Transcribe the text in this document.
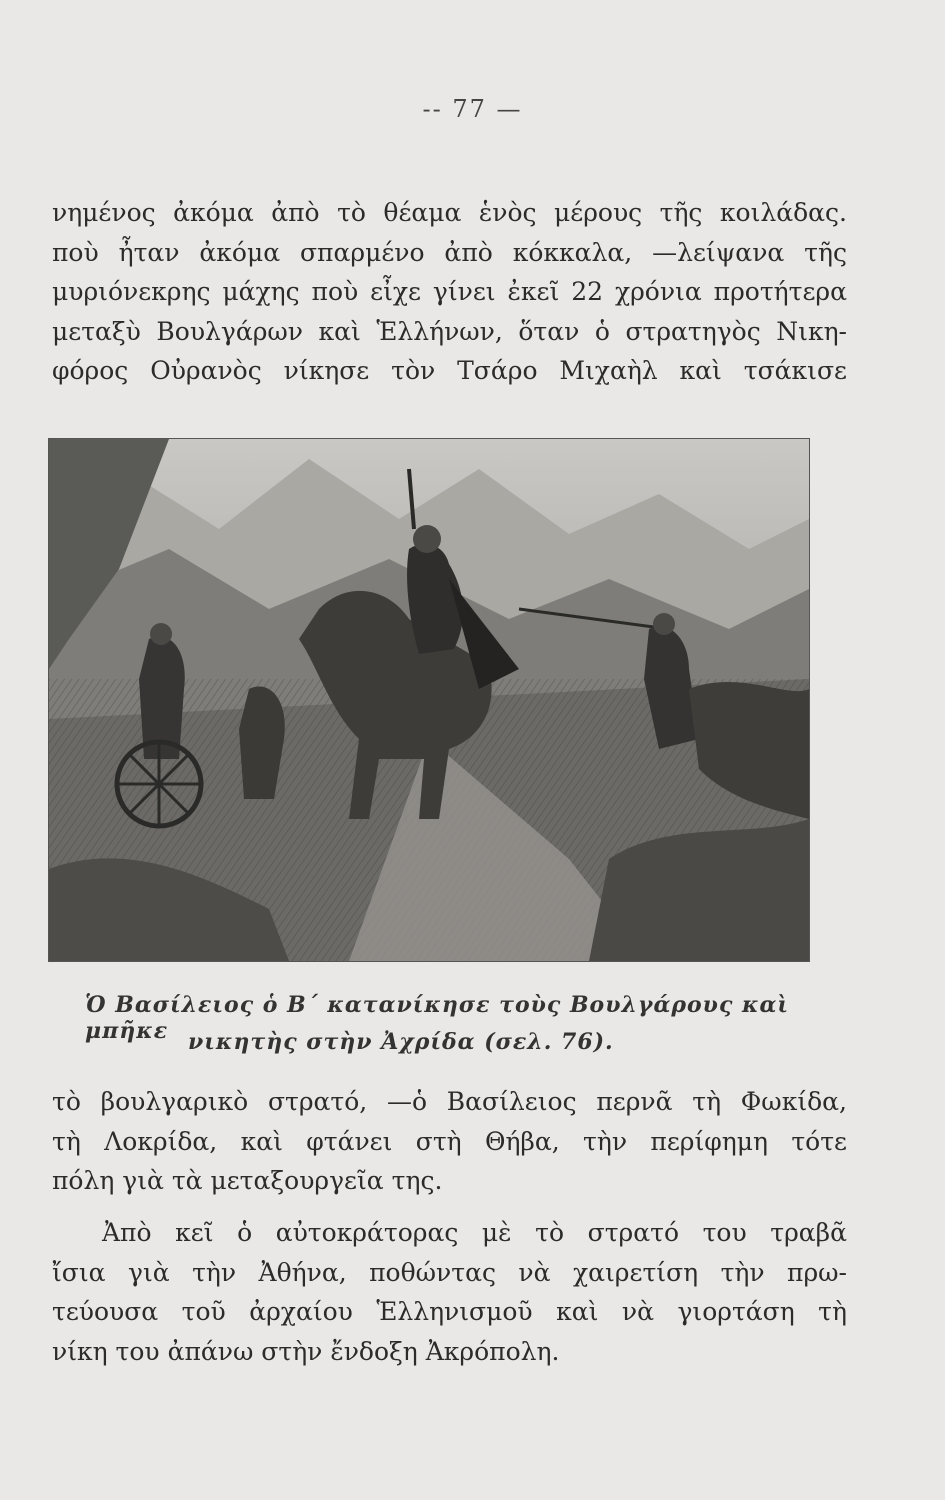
-- 77 —
νημένος ἀκόμα ἀπὸ τὸ θέαμα ἑνὸς μέρους τῆς κοιλάδας.
ποὺ ἦταν ἀκόμα σπαρμένο ἀπὸ κόκκαλα, —λείψανα τῆς
μυριόνεκρης μάχης ποὺ εἶχε γίνει ἐκεῖ 22 χρόνια προτήτερα
μεταξὺ Βουλγάρων καὶ Ἑλλήνων, ὅταν ὁ στρατηγὸς Νικη-
φόρος Οὐρανὸς νίκησε τὸν Τσάρο Μιχαὴλ καὶ τσάκισε
Ὁ Βασίλειος ὁ Β΄ κατανίκησε τοὺς Βουλγάρους καὶ μπῆκε νικητὴς στὴν Ἀχρίδα (σελ. 76).
τὸ βουλγαρικὸ στρατό, —ὁ Βασίλειος περνᾶ τὴ Φωκίδα,
τὴ Λοκρίδα, καὶ φτάνει στὴ Θήβα, τὴν περίφημη τότε
πόλη γιὰ τὰ μεταξουργεῖα της.
Ἀπὸ κεῖ ὁ αὐτοκράτορας μὲ τὸ στρατό του τραβᾶ
ἴσια γιὰ τὴν Ἀθήνα, ποθώντας νὰ χαιρετίση τὴν πρω-
τεύουσα τοῦ ἀρχαίου Ἑλληνισμοῦ καὶ νὰ γιορτάση τὴ
νίκη του ἀπάνω στὴν ἔνδοξη Ἀκρόπολη.
